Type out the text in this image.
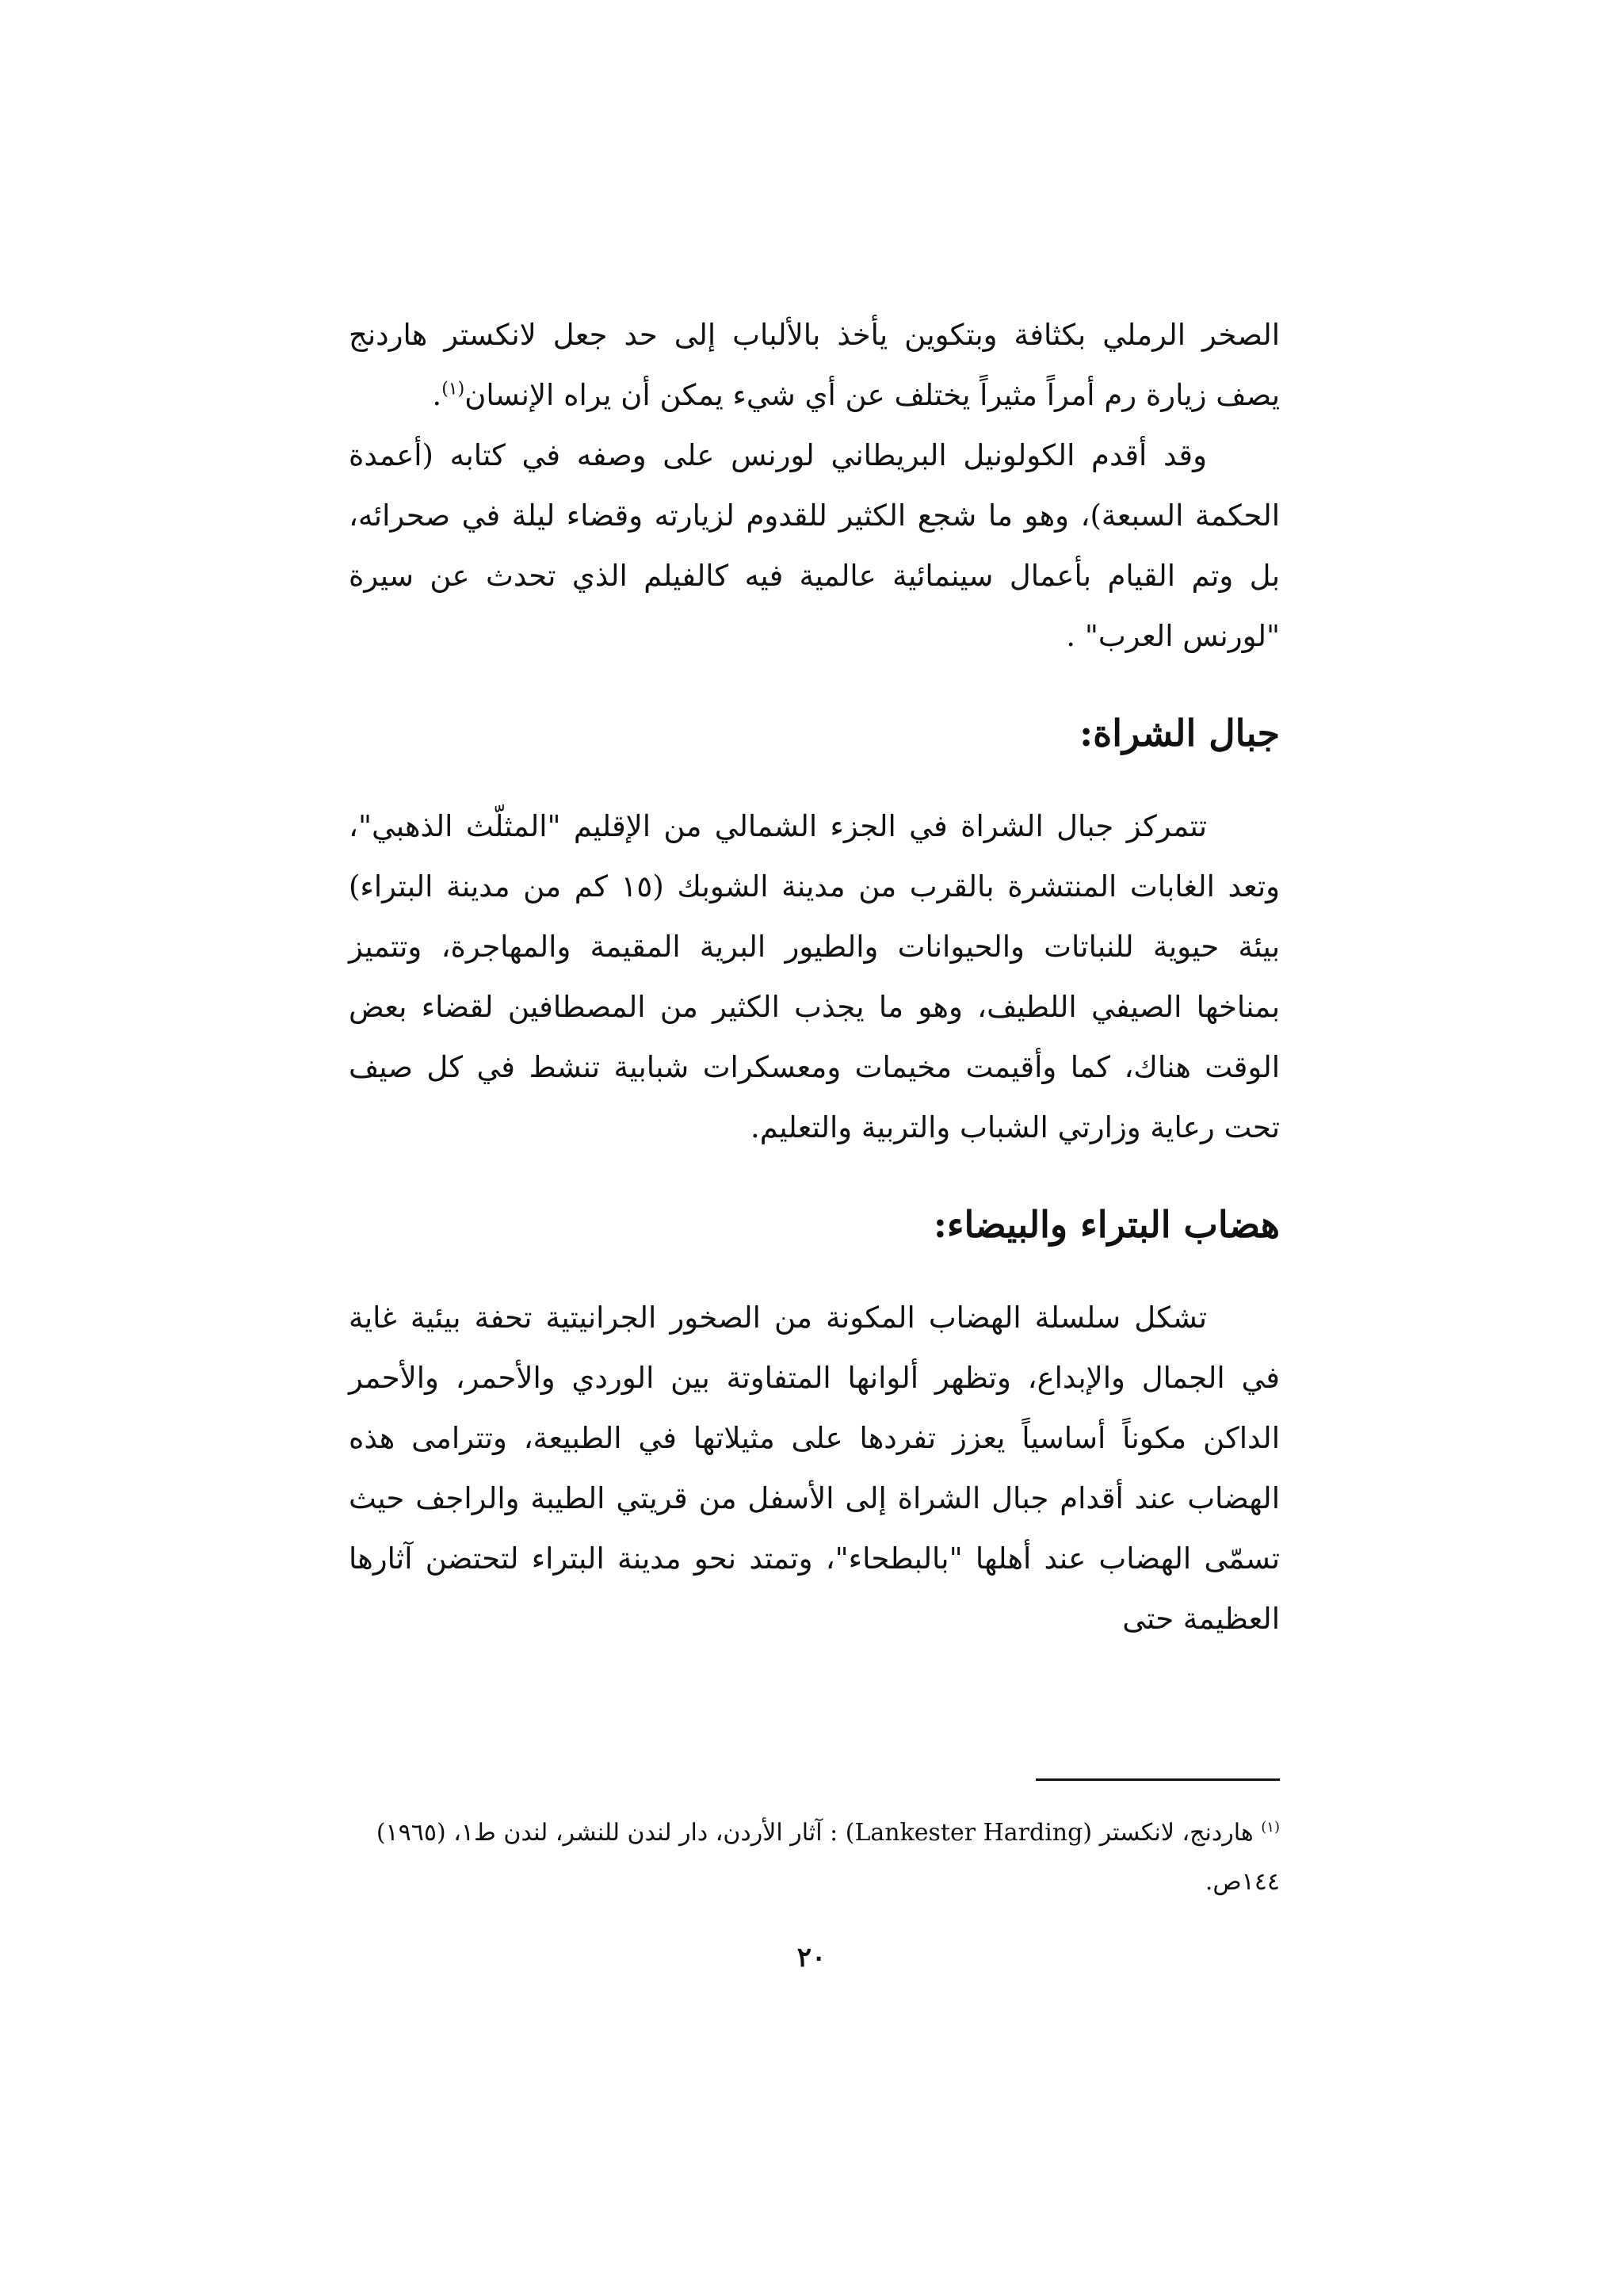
الصخر الرملي بكثافة وبتكوين يأخذ بالألباب إلى حد جعل لانكستر هاردنج يصف زيارة رم أمراً مثيراً يختلف عن أي شيء يمكن أن يراه الإنسان$^{(١)}$.

وقد أقدم الكولونيل البريطاني لورنس على وصفه في كتابه (أعمدة الحكمة السبعة)، وهو ما شجع الكثير للقدوم لزيارته وقضاء ليلة في صحرائه، بل وتم القيام بأعمال سينمائية عالمية فيه كالفيلم الذي تحدث عن سيرة "لورنس العرب" .

جبال الشراة:

تتمركز جبال الشراة في الجزء الشمالي من الإقليم "المثلّث الذهبي"، وتعد الغابات المنتشرة بالقرب من مدينة الشوبك (١٥ كم من مدينة البتراء) بيئة حيوية للنباتات والحيوانات والطيور البرية المقيمة والمهاجرة، وتتميز بمناخها الصيفي اللطيف، وهو ما يجذب الكثير من المصطافين لقضاء بعض الوقت هناك، كما وأقيمت مخيمات ومعسكرات شبابية تنشط في كل صيف تحت رعاية وزارتي الشباب والتربية والتعليم.

هضاب البتراء والبيضاء:

تشكل سلسلة الهضاب المكونة من الصخور الجرانيتية تحفة بيئية غاية في الجمال والإبداع، وتظهر ألوانها المتفاوتة بين الوردي والأحمر، والأحمر الداكن مكوناً أساسياً يعزز تفردها على مثيلاتها في الطبيعة، وتترامى هذه الهضاب عند أقدام جبال الشراة إلى الأسفل من قريتي الطيبة والراجف حيث تسمّى الهضاب عند أهلها "بالبطحاء"، وتمتد نحو مدينة البتراء لتحتضن آثارها العظيمة حتى

$^{(١)}$ هاردنج، لانكستر (Lankester Harding) : آثار الأردن، دار لندن للنشر، لندن ط١، (١٩٦٥) ١٤٤ص.
٢٠
